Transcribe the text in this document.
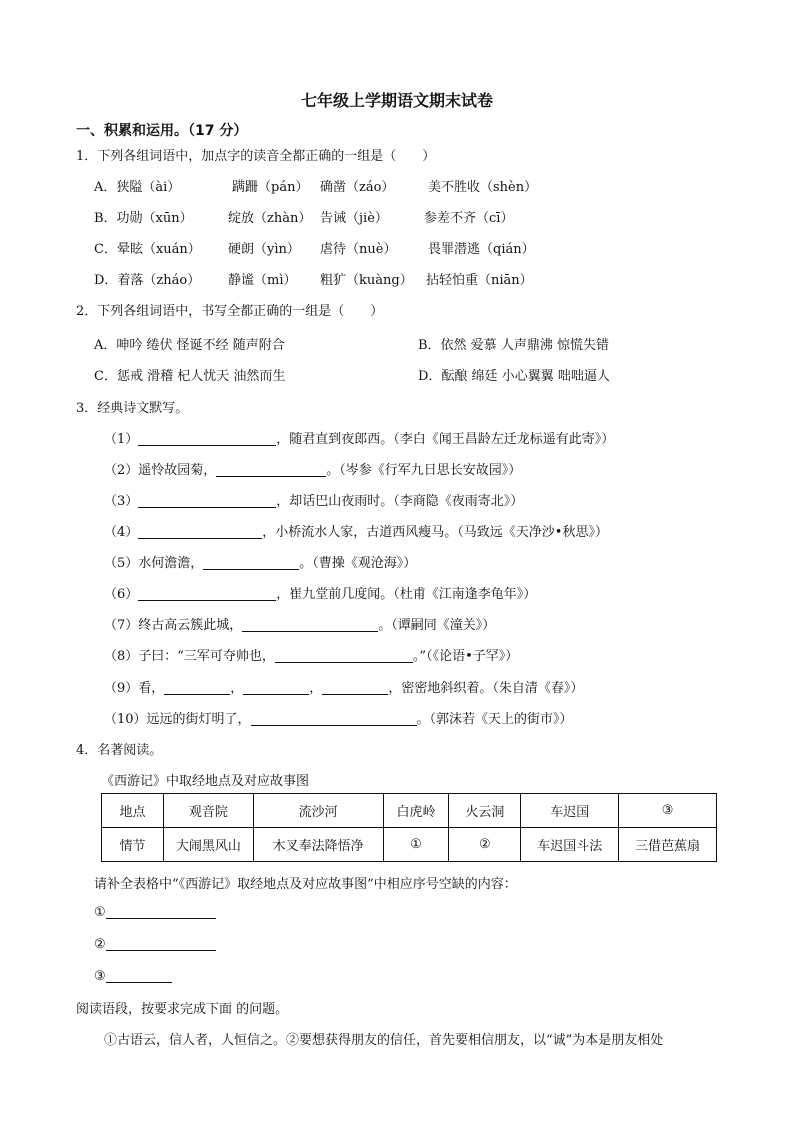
七年级上学期语文期末试卷
一、积累和运用。（17 分）
1．下列各组词语中，加点字的读音全都正确的一组是（　　）
A．狭隘（ài）	蹒跚（pán） 确凿（záo）	美不胜收（shèn）
B．功勋（xūn）	绽放（zhàn） 告诫（jiè）	参差不齐（cī）
C．晕眩（xuán） 硬朗（yìn） 虐待（nuè） 畏罪潜逃（qián）
D．着落（zháo） 静谧（mì） 粗犷（kuàng） 拈轻怕重（niān）
2．下列各组词语中，书写全都正确的一组是（　　）
A．呻吟 绻伏 怪诞不经 随声附合	B．依然 爱慕 人声鼎沸 惊慌失错
C．惩戒 滑稽 杞人忧天 油然而生	D．酝酿 绵廷 小心翼翼 咄咄逼人
3．经典诗文默写。
（1）	，随君直到夜郎西。（李白《闻王昌龄左迁龙标遥有此寄》）
（2）遥怜故园菊，	。（岑参《行军九日思长安故园》）
（3）	，却话巴山夜雨时。（李商隐《夜雨寄北》）
（4）	，小桥流水人家，古道西风瘦马。（马致远《天净沙•秋思》）
（5）水何澹澹，	。（曹操《观沧海》）
（6）	，崔九堂前几度闻。（杜甫《江南逢李龟年》）
（7）终古高云簇此城，	。（谭嗣同《潼关》）
（8）子曰：“三军可夺帅也，	。”（《论语•子罕》）
（9）看，	，	，	，密密地斜织着。（朱自清《春》）
（10）远远的街灯明了，	。（郭沫若《天上的街市》）
4．名著阅读。
《西游记》中取经地点及对应故事图
地点	观音院	流沙河	白虎岭	火云洞	车迟国	③
情节	大闹黑风山	木叉奉法降悟净	①	②	车迟国斗法	三借芭蕉扇
请补全表格中“《西游记》取经地点及对应故事图”中相应序号空缺的内容：
①
②
③
阅读语段，按要求完成下面 的问题。
①古语云，信人者，人恒信之。②要想获得朋友的信任，首先要相信朋友，以“诚”为本是朋友相处
